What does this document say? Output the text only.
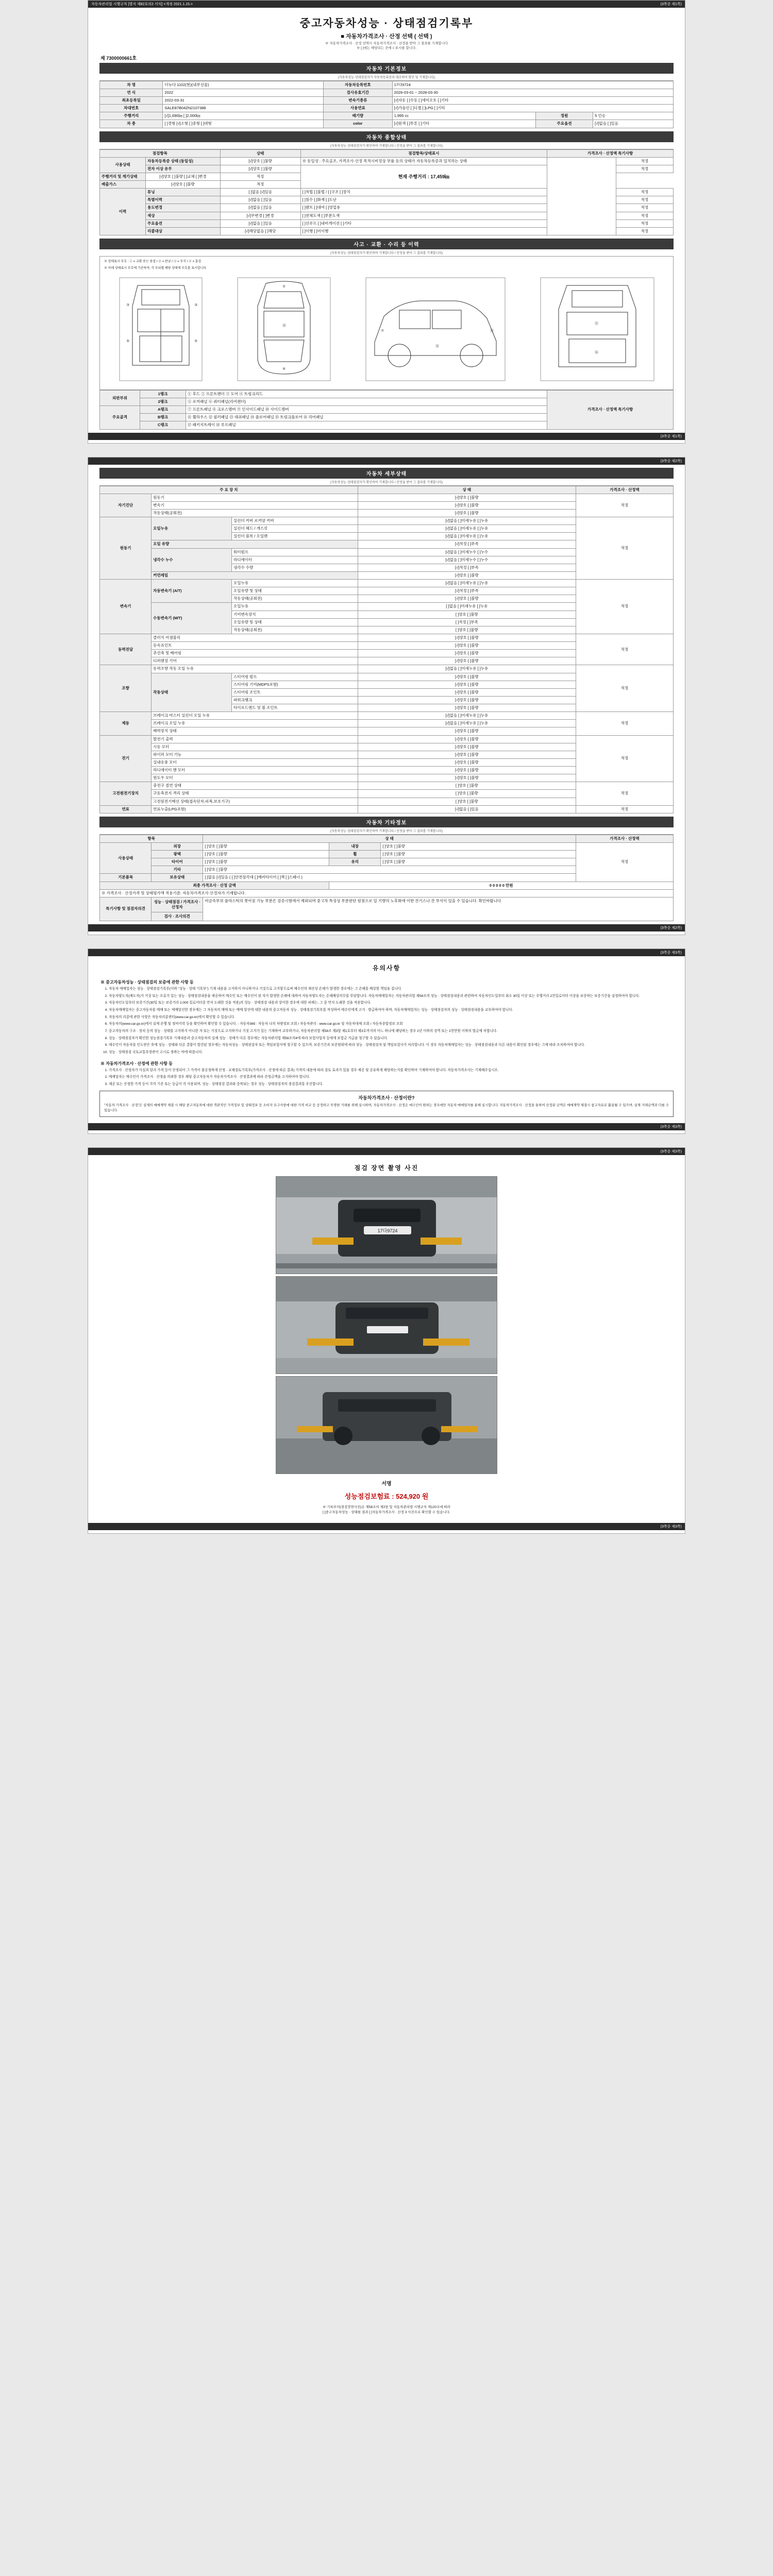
자동차관리법 시행규칙 [별지 제82호의2 서식] <개정 2021.1.15.>	(3쪽중 제1쪽)
중고자동차성능 · 상태점검기록부
■ 자동차가격조사 · 산정 선택 ( 선택 )
※ 자동차가격조사 · 산정 선택시 자동차가격조사 · 산정을 받아 그 결과를 기재합니다
※ [ ]에는 해당되는 곳에 √ 표시를 합니다.
제 7300000661호
자동차 기본정보
(자동차성능·상태점검자가 자동차등록증과 대조하여 확인 및 기재합니다)
차 명	더뉴다 1102(현)(내부선물)	자동차등록번호	17다9724		
연 식	2022	검사유효기간	2026-03-01 ~ 2028-03-30		
최초등록일	2022-03-31	변속기종류	[√]자동 [ ]수동 [ ]세미오토 [ ]기타		
차대번호	SALE87B04ZN2107388	사용연료	[√]가솔린 [ ]디젤 [ ]LPG [ ]기타		
주행거리	[√]1,690㎞ [ ]2,000㎞	배기량	1,995 cc	정원	5 인승
차 종	[ ]경형 [√]소형 [ ]중형 [ ]대형	color	[√]원색 [ ]투톤 [ ]기타	주요옵션	[√]없음 [ ]있음
자동차 종합상태
(자동차성능·상태점검자가 확인하여 기재합니다 / 산정을 받아 그 결과를 기재합니다)
점검항목		상태	점검항목/상태표시	가격조사 · 산정액 특기사항	
사용상태	자동차등록증 상태 (동일성)	[√]양호 [ ]불량	※ 동일성 : 주요골조, 가격조사·산정 목적시비정상 부품 등의 상태가 자동차등록증과 일치하는 상태		적정
	전자 이상 유무	[√]양호 [ ]불량	현재 주행거리 : 17,459㎞		적정
주행거리 및 계기상태	[√]양호 [ ]불량 [ ]교체 [ ]변경	적정			
배출가스	[√]양호 [ ]불량	적정			
이력	튜닝	[ ]없음 [√]있음	[ ]적법 [ ]불법 / [ ]구조 [ ]장치		적정
	특별이력	[√]없음 [ ]있음	[ ]침수 [ ]화재 [ ]도난		적정
	용도변경	[√]없음 [ ]있음	[ ]렌트 [ ]대여 [ ]영업용		적정
	색상	[√]무변경 [ ]변경	[ ]전체도색 [ ]부분도색		적정
	주요옵션	[√]없음 [ ]있음	[ ]선루프 [ ]내비게이션 [ ]기타		적정
	리콜대상	[√]해당없음 [ ]해당	[ ]이행 [ ]미이행		적정
사고 · 교환 · 수리 등 이력
(자동차성능·상태점검자가 확인하여 기재합니다 / 산정을 받아 그 결과를 기재합니다)
※ 상태표시 부호 : ① = 교환 또는 용접 / ② = 판금 / ③ = 부식 / ④ = 흠집
※ 아래 상태표시 부호에 기준하여, 각 부위별 해당 상태에 부호를 표시합니다
③	③
⑤	⑤
①
④
⑱
⑦	⑯
⑭
⑮
⑯
외판부위	1랭크	① 후드 ② 프론트펜더 ③ 도어 ④ 트렁크리드	가격조사 · 산정액 특기사항
	2랭크	⑤ 로커패널 ⑥ 쿼터패널(리어펜더)	
주요골격	A랭크	⑦ 프론트패널 ⑧ 크로스멤버 ⑨ 인사이드패널 ⑩ 사이드멤버	
	B랭크	⑪ 휠하우스 ⑫ 필러패널 ⑬ 대쉬패널 ⑭ 플로어패널 ⑮ 트렁크플로어 ⑯ 리어패널	
	C랭크	⑰ 패키지트레이 ⑱ 루프패널	
(3쪽중 제1쪽)
(3쪽중 제2쪽)
자동차 세부상태
(자동차성능·상태점검자가 확인하여 기재합니다 / 산정을 받아 그 결과를 기재합니다)
주 요 장 치			상 태	가격조사 · 산정액
자기진단	원동기		[√]양호 [ ]불량	적정
	변속기		[√]양호 [ ]불량	
	작동상태(공회전)		[√]양호 [ ]불량	
원동기	오일누유	실린더 커버 로커암 커버	[√]없음 [ ]미세누유 [ ]누유	적정
		실린더 헤드 / 개스킷	[√]없음 [ ]미세누유 [ ]누유	
		실린더 블록 / 오일팬	[√]없음 [ ]미세누유 [ ]누유	
	오일 유량		[√]적정 [ ]부족	
	냉각수 누수	워터펌프	[√]없음 [ ]미세누수 [ ]누수	
		라디에이터	[√]없음 [ ]미세누수 [ ]누수	
		냉각수 수량	[√]적정 [ ]부족	
	커먼레일		[√]양호 [ ]불량	
변속기	자동변속기 (A/T)	오일누유	[√]없음 [ ]미세누유 [ ]누유	적정
		오일유량 및 상태	[√]적정 [ ]부족	
		작동상태(공회전)	[√]양호 [ ]불량	
	수동변속기 (M/T)	오일누유	[ ]없음 [ ]미세누유 [ ]누유	
		기어변속장치	[ ]양호 [ ]불량	
		오일유량 및 상태	[ ]적정 [ ]부족	
		작동상태(공회전)	[ ]양호 [ ]불량	
동력전달	클러치 어셈블리		[√]양호 [ ]불량	적정
	등속죠인트		[√]양호 [ ]불량	
	추진축 및 베어링		[√]양호 [ ]불량	
	디퍼렌셜 기어		[√]양호 [ ]불량	
조향	동력조향 작동 오일 누유		[√]없음 [ ]미세누유 [ ]누유	적정
	작동상태	스티어링 펌프	[√]양호 [ ]불량	
		스티어링 기어(MDPS포함)	[√]양호 [ ]불량	
		스티어링 조인트	[√]양호 [ ]불량	
		파워크랭크	[√]양호 [ ]불량	
		타이로드엔드 및 볼 조인트	[√]양호 [ ]불량	
제동	브레이크 마스터 실린더 오일 누유		[√]없음 [ ]미세누유 [ ]누유	적정
	브레이크 오일 누유		[√]없음 [ ]미세누유 [ ]누유	
	배력장치 상태		[√]양호 [ ]불량	
전기	발전기 출력		[√]양호 [ ]불량	적정
	시동 모터		[√]양호 [ ]불량	
	와이퍼 모터 기능		[√]양호 [ ]불량	
	실내송풍 모터		[√]양호 [ ]불량	
	라디에이터 팬 모터		[√]양호 [ ]불량	
	윈도우 모터		[√]양호 [ ]불량	
고전원전기장치	충전구 절연 상태		[ ]양호 [ ]불량	적정
	구동축전지 격리 상태		[ ]양호 [ ]불량	
	고전원전기배선 상태(접속단자,피복,보호기구)		[ ]양호 [ ]불량	
연료	연료누출(LPG포함)		[√]없음 [ ]있음	적정
자동차 기타정보
(자동차성능·상태점검자가 확인하여 기재합니다 / 산정을 받아 그 결과를 기재합니다)
항목		상 태			가격조사 · 산정액
사용상태	외장	[ ]양호 [ ]불량	내장	[ ]양호 [ ]불량	적정
	광택	[ ]양호 [ ]불량	휠	[ ]양호 [ ]불량	
	타이어	[ ]양호 [ ]불량	유리	[ ]양호 [ ]불량	
	기타	[ ]양호 [ ]불량			
기본품목	보유상태	[ ]없음 [√]있음 ( [ ]안전삼각대 [ ]예비타이어 [ ]잭 [ ]스패너 )			
최종 가격조사 · 산정 금액			0 0 0 0 0 만원		
※ 가격조사 · 산정가격 및 상태평가액 적용기준: 자동차가격조사·산정자가 기재합니다.					
특기사항 및 점검자의견	성능 · 상태점검 / 가격조사 · 산정자	비금속부위 플라스틱의 찢어짐 기능 부분은 검증시험에서 제외되며 중고차 특성상 부분판단 원점으로 일 기량의 노후화에 이한 잔기스나 잔 부식이 있을 수 있습니다. 확인바랍니다.			
	검사 · 조사의견				
(3쪽중 제2쪽)
(3쪽중 제3쪽)
유의사항
※ 중고자동차성능 · 상태점검의 보증에 관한 사항 등
1. 자동차 매매업자는 성능 · 상태점검기록부(이하 "성능 · 상태 기록부") 기재 내용을 고지하지 아니하거나 거짓으로 고지함으로써 매수인의 재산상 손해가 발생한 경우에는 그 손해를 배상할 책임을 집니다.
2. 자동차양도자(매도자)가 거짓 또는 오류가 있는 성능 · 상태점검내용을 제공하여 매수인 또는 매수인이 된 자가 발생한 손해에 대하여 자동차양도자는 손해배상의무를 부담합니다. 자동차매매업자는 자동차관리법 제58조의 성능 · 상태점검내용과 관련하여 자동차인도일부터 최소 30일 이상 또는 주행거리 2천킬로미터 이상을 보증하는 보증기간을 설정하여야 합니다.
3. 자동차인도일부터 보증기간(30일 또는 보증거리 2,000 킬로미터중 먼저 도래한 것을 적용)의 성능 · 상태점검 내용과 상이한 경우에 대한 피해는, 그 중 먼저 도래한 것을 적용합니다.
4. 자동차매매업자는 중고자동차를 매매 또는 매매알선한 경우에는 그 자동차의 매매 또는 매매 알선에 대한 내용의 중고자동차 성능 · 상태점검기록부를 작성하여 매수인에게 고지 · 발급하여야 하며, 자동차매매업자는 성능 · 상태점검자의 성능 · 상태점검내용을 교부하여야 합니다.
5. 자동차의 리콜에 관한 사항은 자동차리콜센터(www.car.go.kr)에서 확인할 수 있습니다.
6. 자동차의(www.car.go.kr)에서 실제 운행 및 정비이력 등을 확인하여 확인할 수 있습니다. - 자동차365 : 자동차 나의 차량정보 조회 / 자동차관리 : www.car.go.kr 및 자동차대체 조회 / 자동차종합정보 조회
7. 중고자동차의 구조 · 장치 등의 성능 · 상태를 고지하지 아니한 자 또는 거짓으로 고지하거나 거짓 고지가 있는 기재하여 교부하거나, 자동차관리법 제58조 제3항 제1호부터 제3호까지의 어느 하나에 해당하는 경우 2년 이하의 징역 또는 2천만원 이하의 벌금에 처합니다.
8. 성능 · 상태점검자가 확인한 성능점검기록부 기재내용과 중고자동차의 실제 성능 · 상태가 다른 경우에는 자동차관리법 제58조의4에 따라 보험사업자 등에게 보험금 지급을 청구할 수 있습니다.
9. 매수인이 자동차를 인도받은 후에 성능 · 상태와 다른 결함이 발견된 경우에는 자동차성능 · 상태점검자 또는 책임보험사에 청구할 수 있으며, 보증기간과 보증범위에 따라 성능 · 상태점검자 및 책임보험사가 처리합니다. 이 경우 자동차매매업자는 성능 · 상태점검내용과 다른 내용이 확인된 경우에는 그에 따라 조치하여야 합니다.
10. 성능 · 상태점검 국토교통부장관이 고시로 정하는 바에 따릅니다.
※ 자동차가격조사 · 산정에 관한 사항 등
1. 가격조사 · 산정자가 사실과 달리 가격 등이 산정되어 그 가격이 불공정하게 산정 · 교체검토기록부(가격조사 · 산정에 따른 결과) 가격의 내용에 따라 검토 효과가 있을 경우 제공 및 공유하게 해당하는지를 확인하여 기재하여야 합니다. 자동차가격조사는 기재해주십시오.
2. 매매업자는 매수인이 가격조사 · 산정을 의뢰한 경우 해당 중고자동차가 자동차가격조사 · 산정결과에 따라 산정금액을 고지하여야 합니다.
3. 제공 또는 산정한 가격 등이 각각 기준 또는 등급이 각 사용되며, 성능 · 상태점검 결과와 중복되는 경우 성능 · 상태점검자의 점검결과를 우선합니다.
자동차가격조사 · 산정이란?

"자동차 가격조사 · 산정"은 실제의 매매계약 체결 시 해당 중고자동차에 대한 객관적인 가격정보 및 상태정보 등 소비자 요구사항에 대한 가격 비교 등 공정하고 투명한 거래를 위해 실시하며, 자동차가격조사 · 산정은 매수인이 원하는 경우에만 자동차 매매업자를 통해 실시합니다. 자동차가격조사 · 산정을 통하여 산정된 금액은 매매계약 체결시 참고자료로 활용될 수 있으며, 실제 거래금액과 다를 수 있습니다.

(3쪽중 제3쪽)
(3쪽중 제3쪽)
점검 장면 촬영 사진
17다9724
서명
성능점검보험료 : 524,920 원
※ 기록부의(점검장면사진)은 제58조의 제2항 및 자동차관리법 시행규칙 제120조에 따라
[ ]중고자동차성능 · 상태를 결과 [ ]자동차가격조사 · 산정 3 사진으로 확인할 수 있습니다.
(3쪽중 제3쪽)
